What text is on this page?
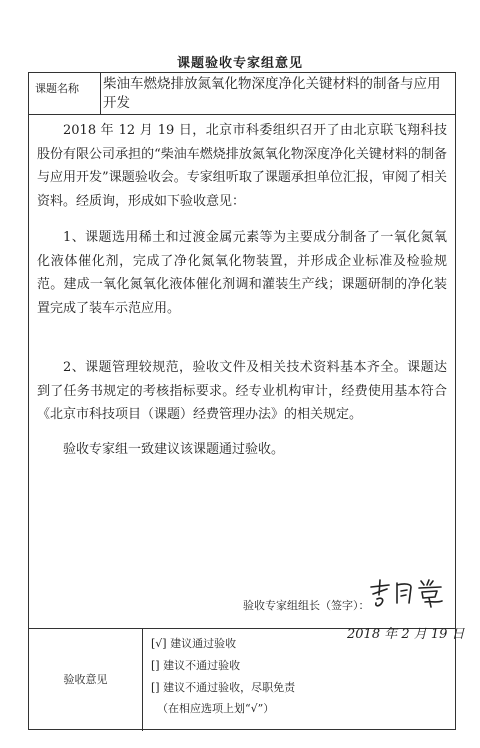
课题验收专家组意见
课题名称	柴油车燃烧排放氮氧化物深度净化关键材料的制备与应用开发
2018 年 12 月 19 日，北京市科委组织召开了由北京联飞翔科技股份有限公司承担的“柴油车燃烧排放氮氧化物深度净化关键材料的制备与应用开发”课题验收会。专家组听取了课题承担单位汇报，审阅了相关资料。经质询，形成如下验收意见：
1、课题选用稀土和过渡金属元素等为主要成分制备了一氧化氮氧化液体催化剂，完成了净化氮氧化物装置，并形成企业标准及检验规范。建成一氧化氮氧化液体催化剂调和灌装生产线；课题研制的净化装置完成了装车示范应用。
2、课题管理较规范，验收文件及相关技术资料基本齐全。课题达到了任务书规定的考核指标要求。经专业机构审计，经费使用基本符合《北京市科技项目（课题）经费管理办法》的相关规定。
验收专家组一致建议该课题通过验收。
验收专家组组长（签字）：
2018 年 2 月 19 日
验收意见
[√] 建议通过验收
[] 建议不通过验收
[] 建议不通过验收，尽职免责
（在相应选项上划“√”）
